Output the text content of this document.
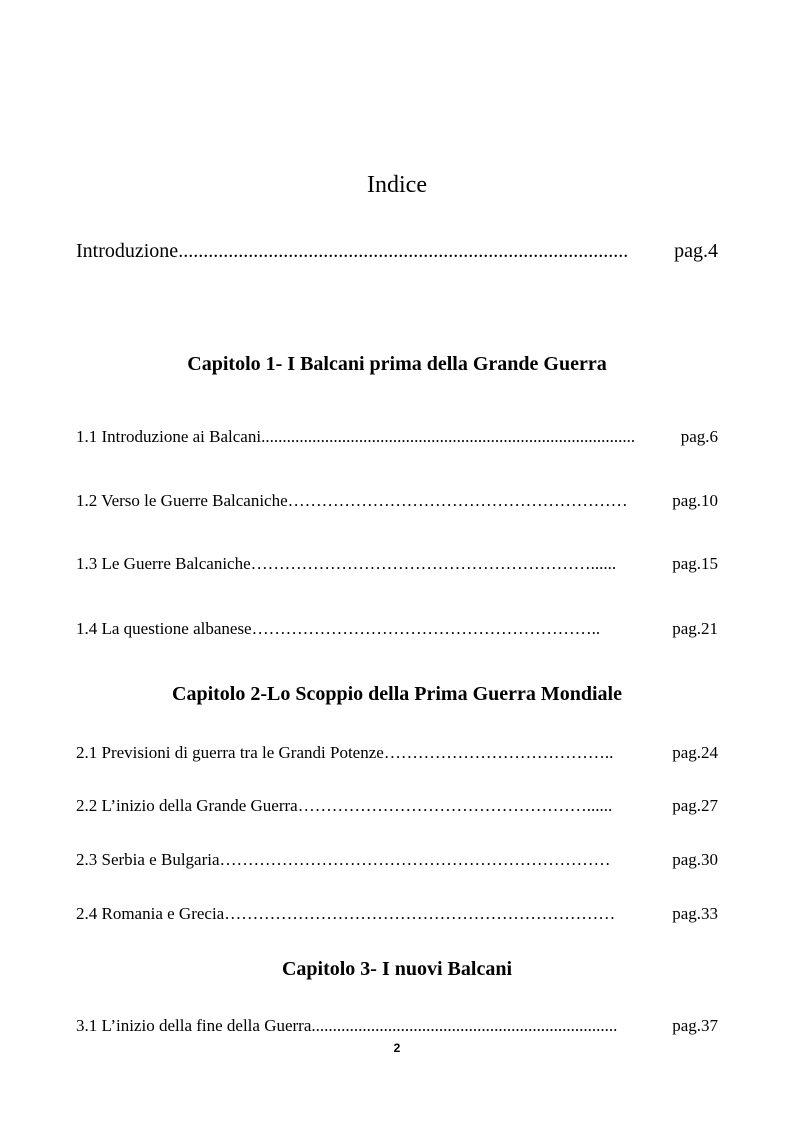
Indice
Introduzione ..........................................................................................	pag.4
Capitolo 1- I Balcani prima della Grande Guerra
1.1 Introduzione ai Balcani ........................................................................................	pag.6
1.2 Verso le Guerre Balcaniche ……………………………………………………	pag.10
1.3 Le Guerre Balcaniche ……………………………………………………......	pag.15
1.4 La questione albanese ……………………………………………………..	pag.21
Capitolo 2-Lo Scoppio della Prima Guerra Mondiale
2.1 Previsioni di guerra tra le Grandi Potenze …………………………………..	pag.24
2.2 L’inizio della Grande Guerra ……………………………………………......	pag.27
2.3 Serbia e Bulgaria ……………………………………………………………	pag.30
2.4 Romania e Grecia ……………………………………………………………	pag.33
Capitolo 3- I nuovi Balcani
3.1 L’inizio della fine della Guerra ........................................................................	pag.37
2
